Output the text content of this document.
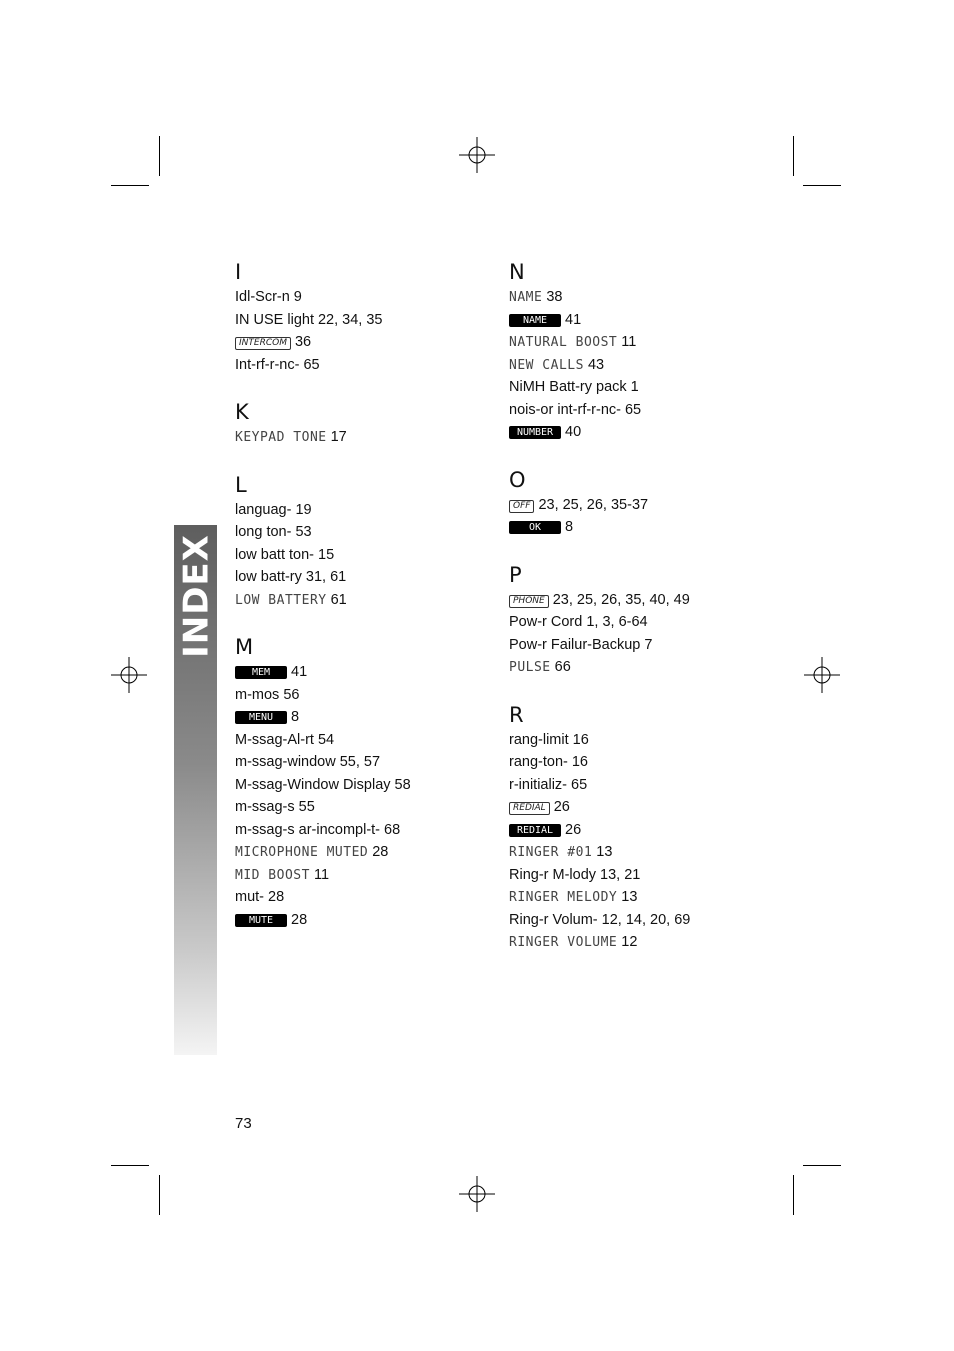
INDEX
I
Idl-Scr-n 9
IN USE light 22, 34, 35
INTERCOM 36
Int-rf-r-nc- 65
K
KEYPAD TONE 17
L
languag- 19
long ton- 53
low batt ton- 15
low batt-ry 31, 61
LOW BATTERY 61
M
MEM 41
m-mos 56
MENU 8
M-ssag-Al-rt 54
m-ssag-window 55, 57
M-ssag-Window Display 58
m-ssag-s 55
m-ssag-s ar-incompl-t- 68
MICROPHONE MUTED 28
MID BOOST 11
mut- 28
MUTE 28
N
NAME 38
NAME 41
NATURAL BOOST 11
NEW CALLS 43
NiMH Batt-ry pack 1
nois-or int-rf-r-nc- 65
NUMBER 40
O
OFF 23, 25, 26, 35-37
OK 8
P
PHONE 23, 25, 26, 35, 40, 49
Pow-r Cord 1, 3, 6-64
Pow-r Failur-Backup 7
PULSE 66
R
rang-limit 16
rang-ton- 16
r-initializ- 65
REDIAL 26
REDIAL 26
RINGER #01 13
Ring-r M-lody 13, 21
RINGER MELODY 13
Ring-r Volum- 12, 14, 20, 69
RINGER VOLUME 12
73
